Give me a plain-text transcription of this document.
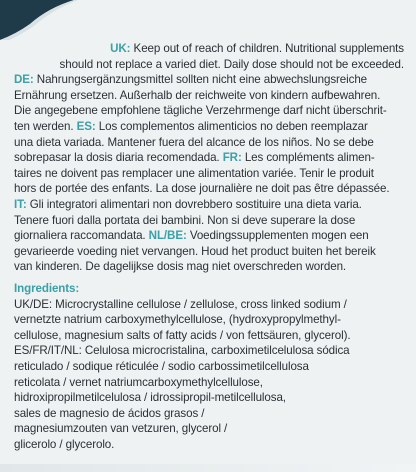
UK: Keep out of reach of children. Nutritional supplements
should not replace a varied diet. Daily dose should not be exceeded.
DE: Nahrungsergänzungsmittel sollten nicht eine abwechslungsreiche
Ernährung ersetzen. Außerhalb der reichweite von kindern aufbewahren.
Die angegebene empfohlene tägliche Verzehrmenge darf nicht überschrit-
ten werden. ES: Los complementos alimenticios no deben reemplazar
una dieta variada. Mantener fuera del alcance de los niños. No se debe
sobrepasar la dosis diaria recomendada. FR: Les compléments alimen-
taires ne doivent pas remplacer une alimentation variée. Tenir le produit
hors de portée des enfants. La dose journalière ne doit pas être dépassée.
IT: Gli integratori alimentari non dovrebbero sostituire una dieta varia.
Tenere fuori dalla portata dei bambini. Non si deve superare la dose
giornaliera raccomandata. NL/BE: Voedingssupplementen mogen een
gevarieerde voeding niet vervangen. Houd het product buiten het bereik
van kinderen. De dagelijkse dosis mag niet overschreden worden.
Ingredients:
UK/DE: Microcrystalline cellulose / zellulose, cross linked sodium /
vernetzte natrium carboxymethylcellulose, (hydroxypropylmethyl-
cellulose, magnesium salts of fatty acids / von fettsäuren, glycerol).
ES/FR/IT/NL: Celulosa microcristalina, carboximetilcelulosa sódica
reticulado / sodique réticulée / sodio carbossimetilcellulosa
reticolata / vernet natriumcarboxymethylcellulose,
hidroxipropilmetilcelulosa / idrossipropil-metilcellulosa,
sales de magnesio de ácidos grasos /
magnesiumzouten van vetzuren, glycerol /
glicerolo / glycerolo.
